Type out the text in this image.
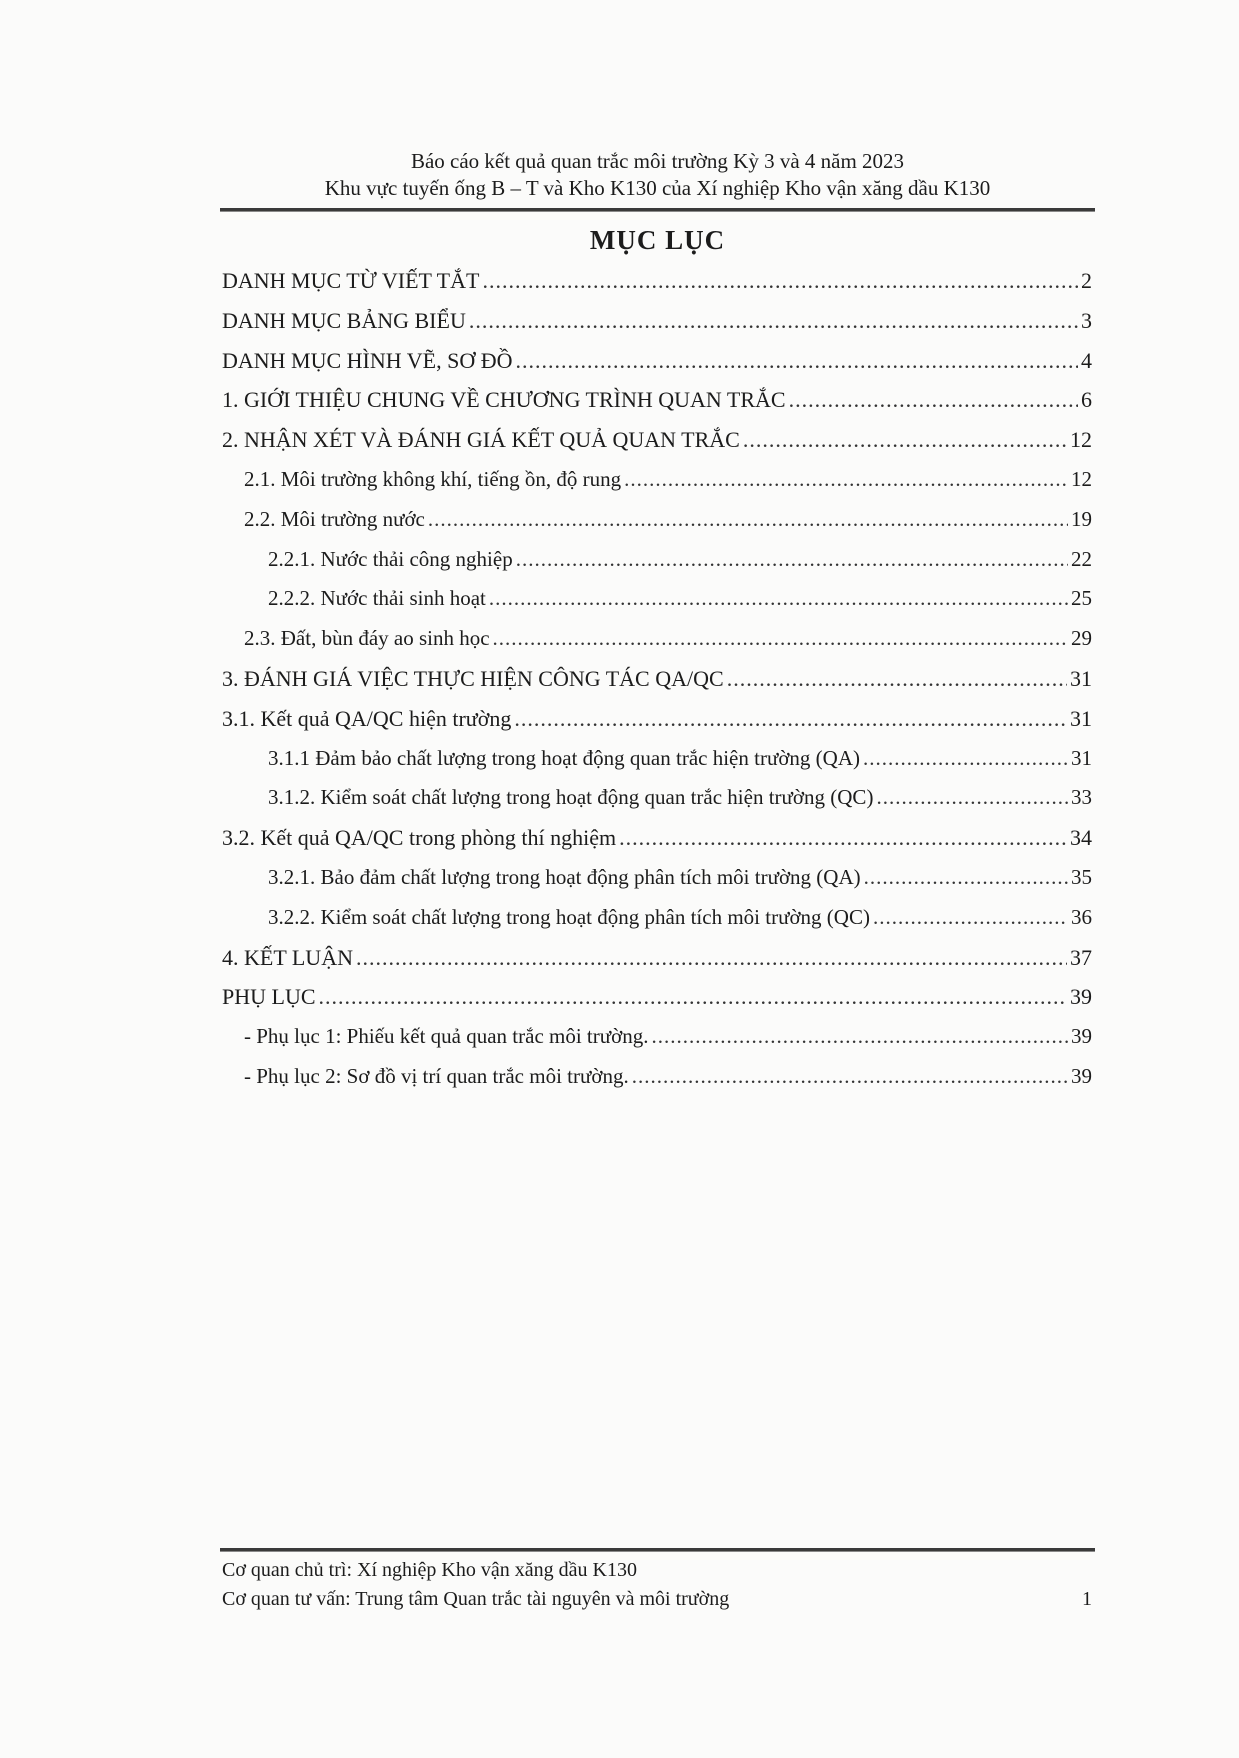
Báo cáo kết quả quan trắc môi trường Kỳ 3 và 4 năm 2023
Khu vực tuyến ống B – T và Kho K130 của Xí nghiệp Kho vận xăng dầu K130
MỤC LỤC
DANH MỤC TỪ VIẾT TẮT .....	2
DANH MỤC BẢNG BIỂU .....	3
DANH MỤC HÌNH VẼ, SƠ ĐỒ .....	4
1. GIỚI THIỆU CHUNG VỀ CHƯƠNG TRÌNH QUAN TRẮC .....	6
2. NHẬN XÉT VÀ ĐÁNH GIÁ KẾT QUẢ QUAN TRẮC .....	12
2.1. Môi trường không khí, tiếng ồn, độ rung .....	12
2.2. Môi trường nước .....	19
2.2.1. Nước thải công nghiệp .....	22
2.2.2. Nước thải sinh hoạt .....	25
2.3. Đất, bùn đáy ao sinh học .....	29
3. ĐÁNH GIÁ VIỆC THỰC HIỆN CÔNG TÁC QA/QC .....	31
3.1. Kết quả QA/QC hiện trường .....	31
3.1.1 Đảm bảo chất lượng trong hoạt động quan trắc hiện trường (QA) .....	31
3.1.2. Kiểm soát chất lượng trong hoạt động quan trắc hiện trường (QC) .....	33
3.2. Kết quả QA/QC trong phòng thí nghiệm .....	34
3.2.1. Bảo đảm chất lượng trong hoạt động phân tích môi trường (QA) .....	35
3.2.2. Kiểm soát chất lượng trong hoạt động phân tích môi trường (QC) .....	36
4. KẾT LUẬN .....	37
PHỤ LỤC .....	39
- Phụ lục 1: Phiếu kết quả quan trắc môi trường. .....	39
- Phụ lục 2: Sơ đồ vị trí quan trắc môi trường. .....	39
Cơ quan chủ trì: Xí nghiệp Kho vận xăng dầu K130
Cơ quan tư vấn: Trung tâm Quan trắc tài nguyên và môi trường	1
